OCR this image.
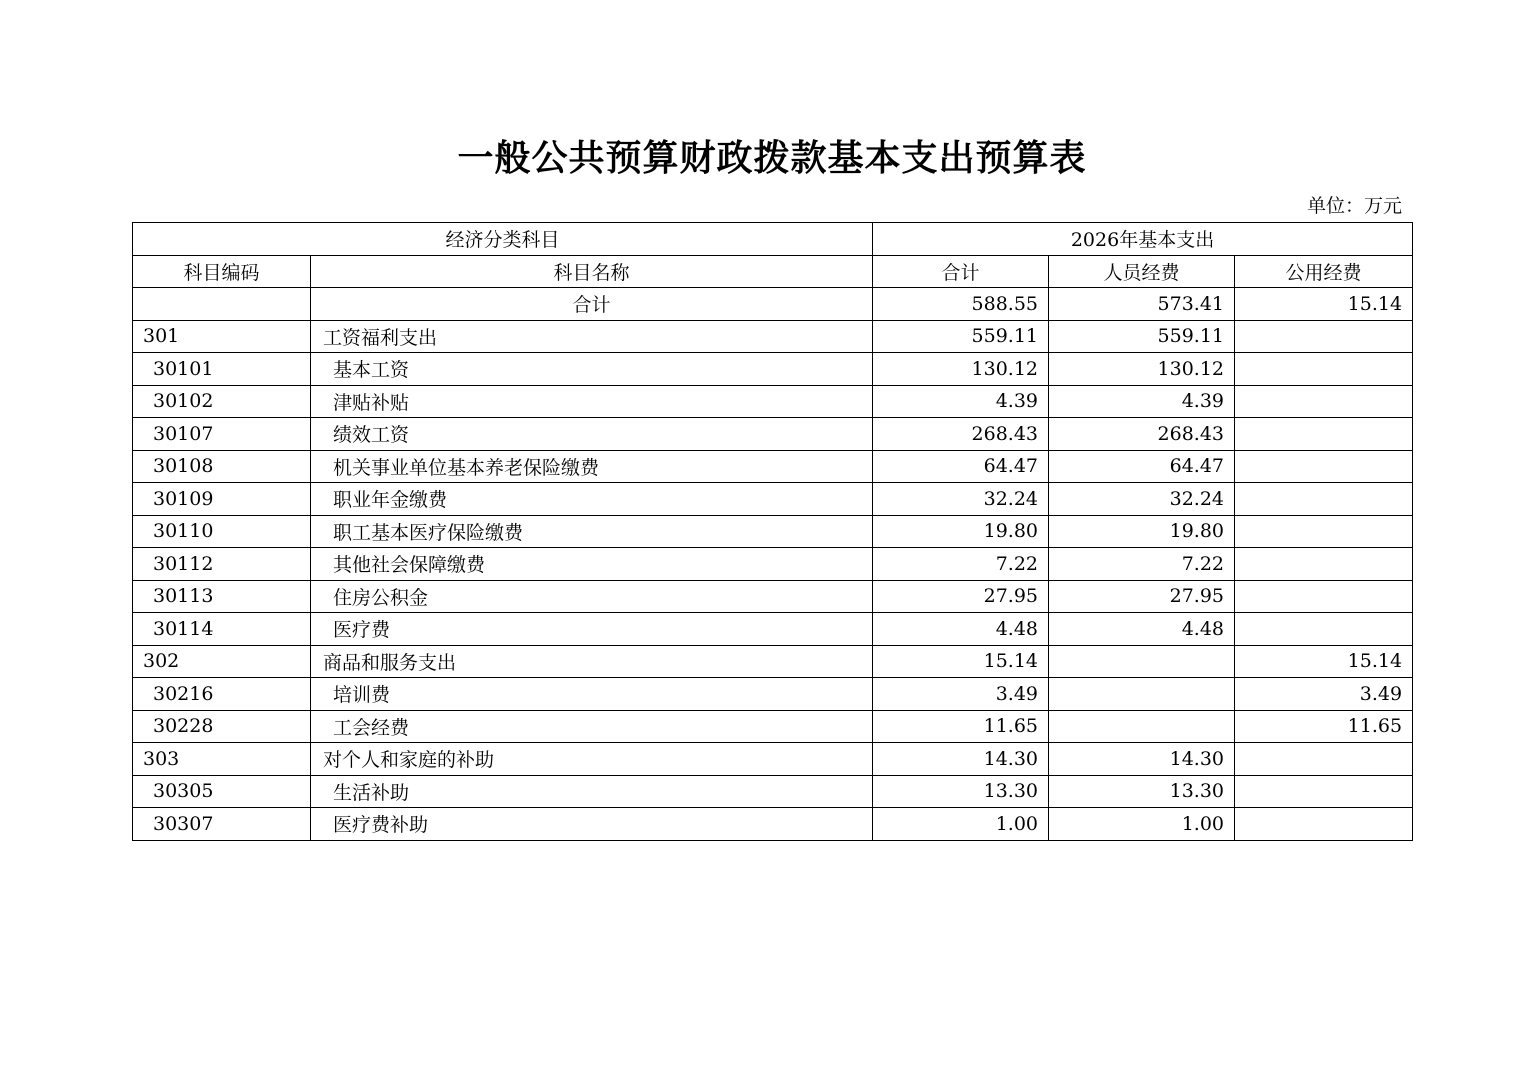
一般公共预算财政拨款基本支出预算表
单位：万元
经济分类科目		2026年基本支出		
科目编码	科目名称	合计	人员经费	公用经费
	合计	588.55	573.41	15.14
301	工资福利支出	559.11	559.11	
30101	基本工资	130.12	130.12	
30102	津贴补贴	4.39	4.39	
30107	绩效工资	268.43	268.43	
30108	机关事业单位基本养老保险缴费	64.47	64.47	
30109	职业年金缴费	32.24	32.24	
30110	职工基本医疗保险缴费	19.80	19.80	
30112	其他社会保障缴费	7.22	7.22	
30113	住房公积金	27.95	27.95	
30114	医疗费	4.48	4.48	
302	商品和服务支出	15.14		15.14
30216	培训费	3.49		3.49
30228	工会经费	11.65		11.65
303	对个人和家庭的补助	14.30	14.30	
30305	生活补助	13.30	13.30	
30307	医疗费补助	1.00	1.00	
